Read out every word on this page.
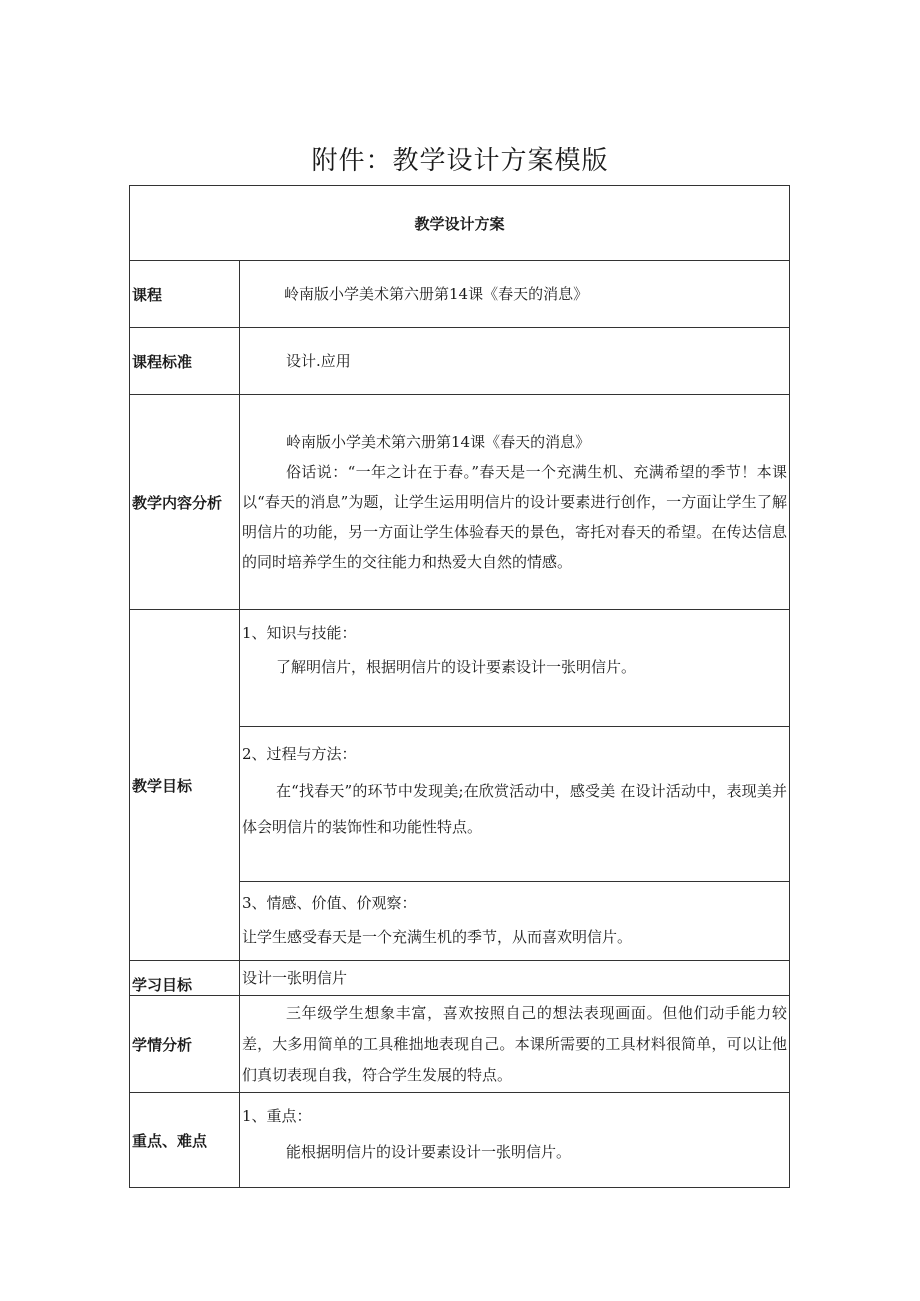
附件：教学设计方案模版
教学设计方案	
课程	岭南版小学美术第六册第14课《春天的消息》
课程标准	设计.应用
教学内容分析	岭南版小学美术第六册第14课《春天的消息》

俗话说：“一年之计在于春。”春天是一个充满生机、充满希望的季节！本课以“春天的消息”为题，让学生运用明信片的设计要素进行创作，一方面让学生了解明信片的功能，另一方面让学生体验春天的景色，寄托对春天的希望。在传达信息的同时培养学生的交往能力和热爱大自然的情感。

教学目标	1、知识与技能：

了解明信片，根据明信片的设计要素设计一张明信片。

	2、过程与方法：

在“找春天”的环节中发现美;在欣赏活动中，感受美 在设计活动中，表现美并体会明信片的装饰性和功能性特点。

	3、情感、价值、价观察：

让学生感受春天是一个充满生机的季节，从而喜欢明信片。

学习目标	设计一张明信片
学情分析	三年级学生想象丰富，喜欢按照自己的想法表现画面。但他们动手能力较差，大多用简单的工具稚拙地表现自己。本课所需要的工具材料很简单，可以让他们真切表现自我，符合学生发展的特点。

重点、难点	1、重点：

能根据明信片的设计要素设计一张明信片。
